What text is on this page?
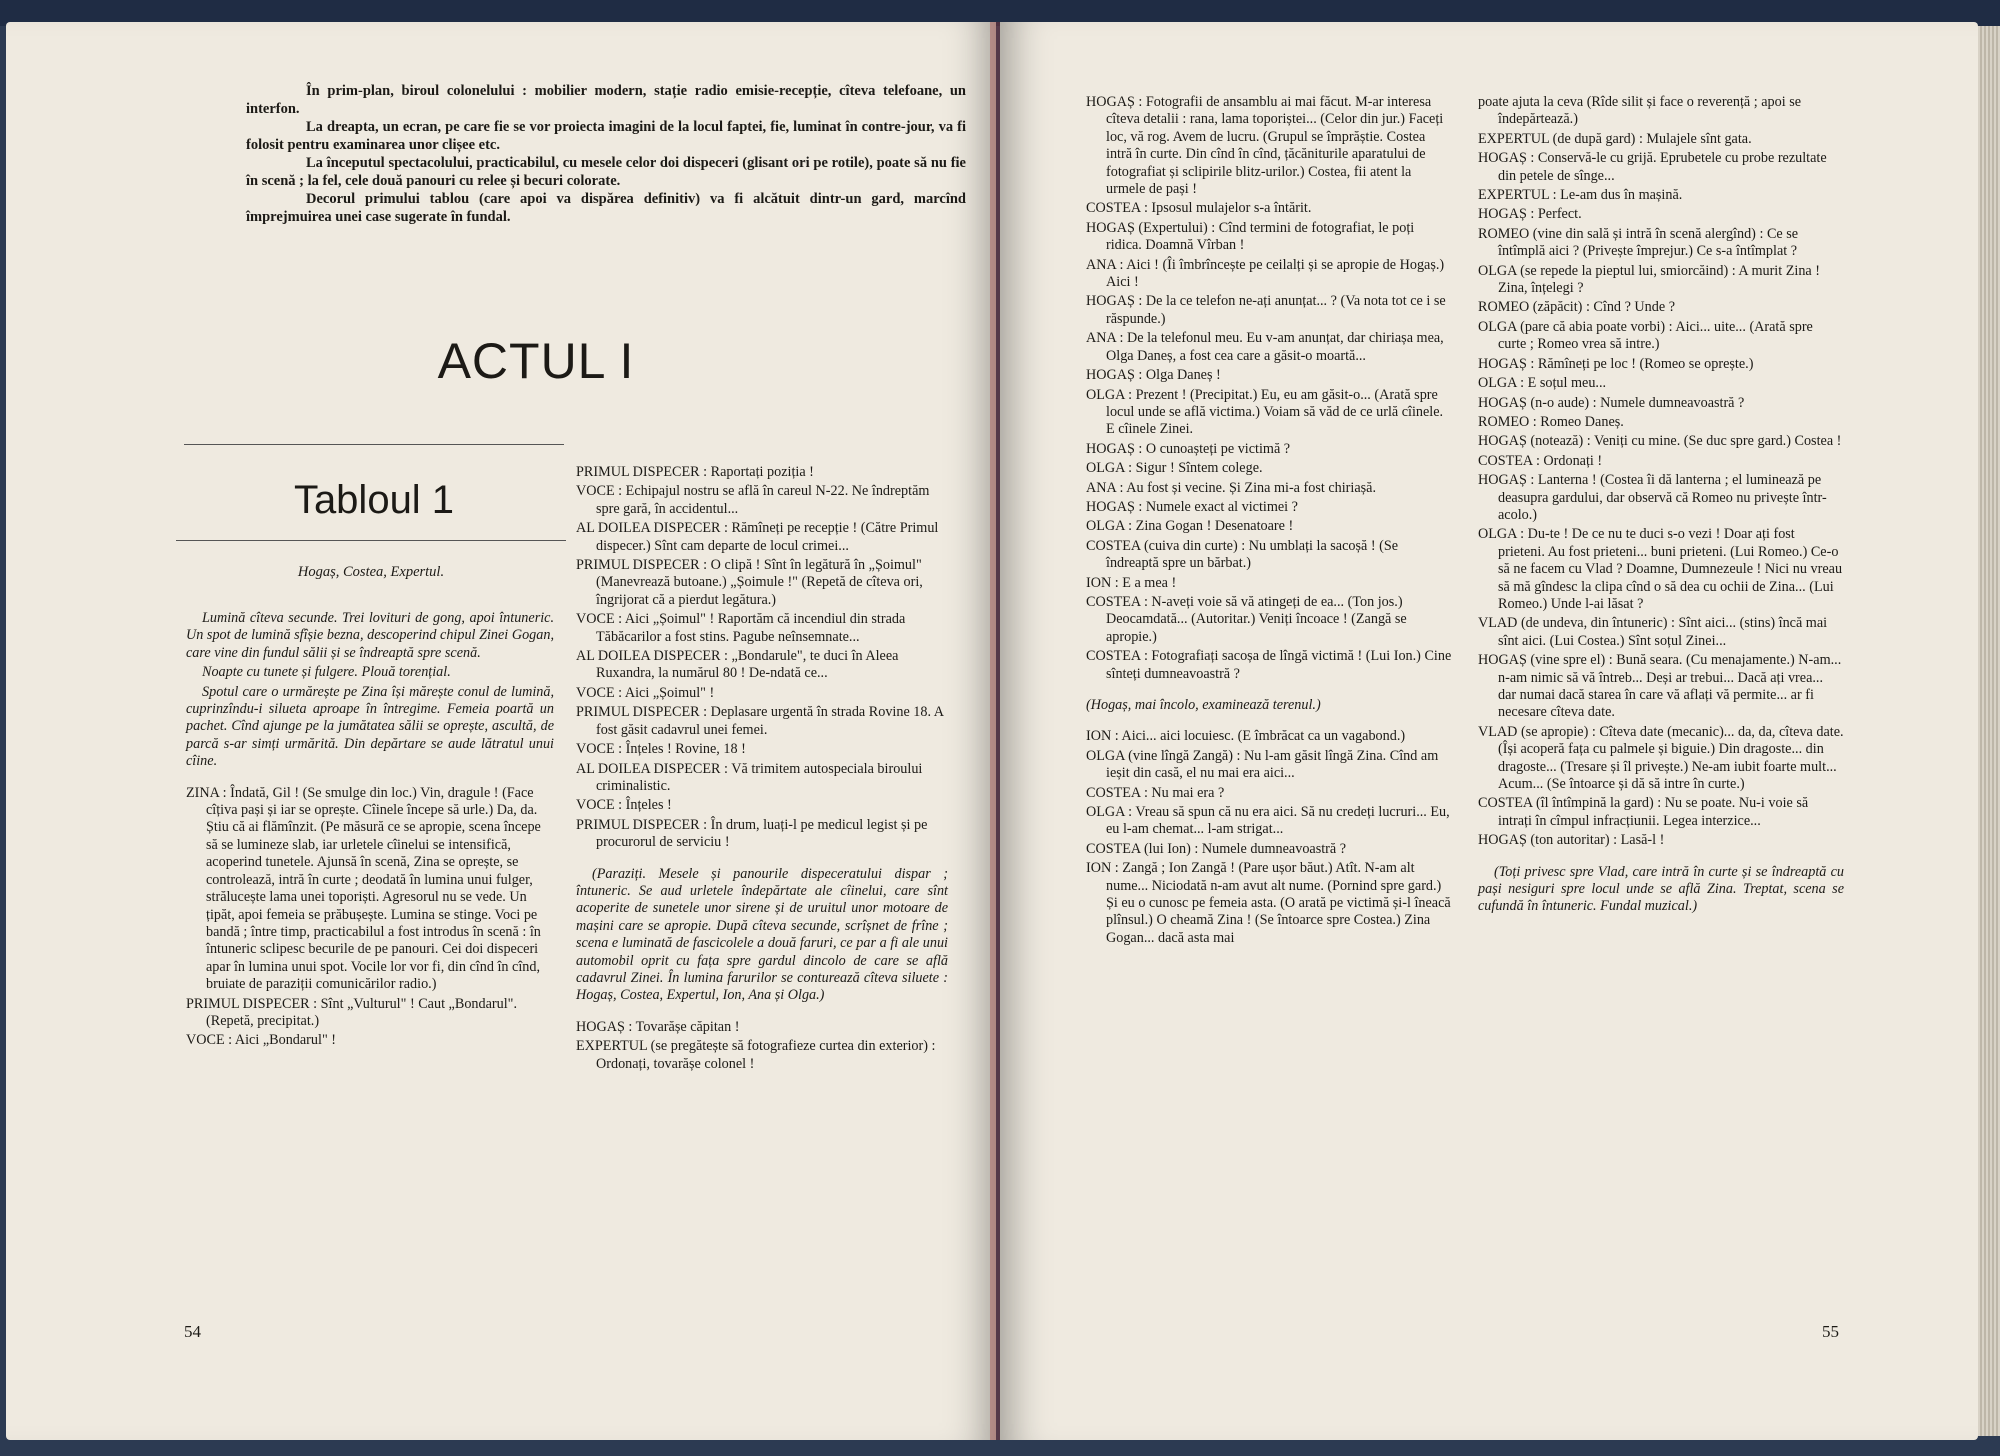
În prim-plan, biroul colonelului : mobilier modern, stație radio emisie-recepție, cîteva telefoane, un interfon.

La dreapta, un ecran, pe care fie se vor proiecta imagini de la locul faptei, fie, luminat în contre-jour, va fi folosit pentru examinarea unor clișee etc.

La începutul spectacolului, practicabilul, cu mesele celor doi dispeceri (glisant ori pe rotile), poate să nu fie în scenă ; la fel, cele două panouri cu relee și becuri colorate.

Decorul primului tablou (care apoi va dispărea definitiv) va fi alcătuit dintr-un gard, marcînd împrejmuirea unei case sugerate în fundal.

ACTUL I
Tabloul 1
Hogaș, Costea, Expertul.

Lumină cîteva secunde. Trei lovituri de gong, apoi întuneric. Un spot de lumină sfîșie bezna, descoperind chipul Zinei Gogan, care vine din fundul sălii și se îndreaptă spre scenă.

Noapte cu tunete și fulgere. Plouă torențial.

Spotul care o urmărește pe Zina își mărește conul de lumină, cuprinzîndu-i silueta aproape în întregime. Femeia poartă un pachet. Cînd ajunge pe la jumătatea sălii se oprește, ascultă, de parcă s-ar simți urmărită. Din depărtare se aude lătratul unui cîine.

ZINA : Îndată, Gil ! (Se smulge din loc.) Vin, dragule ! (Face cîțiva pași și iar se oprește. Cîinele începe să urle.) Da, da. Știu că ai flămînzit. (Pe măsură ce se apropie, scena începe să se lumineze slab, iar urletele cîinelui se intensifică, acoperind tunetele. Ajunsă în scenă, Zina se oprește, se controlează, intră în curte ; deodată în lumina unui fulger, strălucește lama unei toporiști. Agresorul nu se vede. Un țipăt, apoi femeia se prăbușește. Lumina se stinge. Voci pe bandă ; între timp, practicabilul a fost introdus în scenă : în întuneric sclipesc becurile de pe panouri. Cei doi dispeceri apar în lumina unui spot. Vocile lor vor fi, din cînd în cînd, bruiate de paraziții comunicărilor radio.)

PRIMUL DISPECER : Sînt „Vulturul" ! Caut „Bondarul". (Repetă, precipitat.)

VOCE : Aici „Bondarul" !

PRIMUL DISPECER : Raportați poziția !

VOCE : Echipajul nostru se află în careul N-22. Ne îndreptăm spre gară, în accidentul...

AL DOILEA DISPECER : Rămîneți pe recepție ! (Către Primul dispecer.) Sînt cam departe de locul crimei...

PRIMUL DISPECER : O clipă ! Sînt în legătură în „Șoimul" (Manevrează butoane.) „Șoimule !" (Repetă de cîteva ori, îngrijorat că a pierdut legătura.)

VOCE : Aici „Șoimul" ! Raportăm că incendiul din strada Tăbăcarilor a fost stins. Pagube neînsemnate...

AL DOILEA DISPECER : „Bondarule", te duci în Aleea Ruxandra, la numărul 80 ! De-ndată ce...

VOCE : Aici „Șoimul" !

PRIMUL DISPECER : Deplasare urgentă în strada Rovine 18. A fost găsit cadavrul unei femei.

VOCE : Înțeles ! Rovine, 18 !

AL DOILEA DISPECER : Vă trimitem autospeciala biroului criminalistic.

VOCE : Înțeles !

PRIMUL DISPECER : În drum, luați-l pe medicul legist și pe procurorul de serviciu !

(Paraziți. Mesele și panourile dispeceratului dispar ; întuneric. Se aud urletele îndepărtate ale cîinelui, care sînt acoperite de sunetele unor sirene și de uruitul unor motoare de mașini care se apropie. După cîteva secunde, scrîșnet de frîne ; scena e luminată de fascicolele a două faruri, ce par a fi ale unui automobil oprit cu fața spre gardul dincolo de care se află cadavrul Zinei. În lumina farurilor se conturează cîteva siluete : Hogaș, Costea, Expertul, Ion, Ana și Olga.)

HOGAȘ : Tovarășe căpitan !

EXPERTUL (se pregătește să fotografieze curtea din exterior) : Ordonați, tovarășe colonel !

54

HOGAȘ : Fotografii de ansamblu ai mai făcut. M-ar interesa cîteva detalii : rana, lama toporiștei... (Celor din jur.) Faceți loc, vă rog. Avem de lucru. (Grupul se împrăștie. Costea intră în curte. Din cînd în cînd, țăcăniturile aparatului de fotografiat și sclipirile blitz-urilor.) Costea, fii atent la urmele de pași !

COSTEA : Ipsosul mulajelor s-a întărit.

HOGAȘ (Expertului) : Cînd termini de fotografiat, le poți ridica. Doamnă Vîrban !

ANA : Aici ! (Îi îmbrîncește pe ceilalți și se apropie de Hogaș.) Aici !

HOGAȘ : De la ce telefon ne-ați anunțat... ? (Va nota tot ce i se răspunde.)

ANA : De la telefonul meu. Eu v-am anunțat, dar chiriașa mea, Olga Daneș, a fost cea care a găsit-o moartă...

HOGAȘ : Olga Daneș !

OLGA : Prezent ! (Precipitat.) Eu, eu am găsit-o... (Arată spre locul unde se află victima.) Voiam să văd de ce urlă cîinele. E cîinele Zinei.

HOGAȘ : O cunoașteți pe victimă ?

OLGA : Sigur ! Sîntem colege.

ANA : Au fost și vecine. Și Zina mi-a fost chiriașă.

HOGAȘ : Numele exact al victimei ?

OLGA : Zina Gogan ! Desenatoare !

COSTEA (cuiva din curte) : Nu umblați la sacoșă ! (Se îndreaptă spre un bărbat.)

ION : E a mea !

COSTEA : N-aveți voie să vă atingeți de ea... (Ton jos.) Deocamdată... (Autoritar.) Veniți încoace ! (Zangă se apropie.)

COSTEA : Fotografiați sacoșa de lîngă victimă ! (Lui Ion.) Cine sînteți dumneavoastră ?

(Hogaș, mai încolo, examinează terenul.)

ION : Aici... aici locuiesc. (E îmbrăcat ca un vagabond.)

OLGA (vine lîngă Zangă) : Nu l-am găsit lîngă Zina. Cînd am ieșit din casă, el nu mai era aici...

COSTEA : Nu mai era ?

OLGA : Vreau să spun că nu era aici. Să nu credeți lucruri... Eu, eu l-am chemat... l-am strigat...

COSTEA (lui Ion) : Numele dumneavoastră ?

ION : Zangă ; Ion Zangă ! (Pare ușor băut.) Atît. N-am alt nume... Niciodată n-am avut alt nume. (Pornind spre gard.) Și eu o cunosc pe femeia asta. (O arată pe victimă și-l îneacă plînsul.) O cheamă Zina ! (Se întoarce spre Costea.) Zina Gogan... dacă asta mai

poate ajuta la ceva (Rîde silit și face o reverență ; apoi se îndepărtează.)

EXPERTUL (de după gard) : Mulajele sînt gata.

HOGAȘ : Conservă-le cu grijă. Eprubetele cu probe rezultate din petele de sînge...

EXPERTUL : Le-am dus în mașină.

HOGAȘ : Perfect.

ROMEO (vine din sală și intră în scenă alergînd) : Ce se întîmplă aici ? (Privește împrejur.) Ce s-a întîmplat ?

OLGA (se repede la pieptul lui, smiorcăind) : A murit Zina ! Zina, înțelegi ?

ROMEO (zăpăcit) : Cînd ? Unde ?

OLGA (pare că abia poate vorbi) : Aici... uite... (Arată spre curte ; Romeo vrea să intre.)

HOGAȘ : Rămîneți pe loc ! (Romeo se oprește.)

OLGA : E soțul meu...

HOGAȘ (n-o aude) : Numele dumneavoastră ?

ROMEO : Romeo Daneș.

HOGAȘ (notează) : Veniți cu mine. (Se duc spre gard.) Costea !

COSTEA : Ordonați !

HOGAȘ : Lanterna ! (Costea îi dă lanterna ; el luminează pe deasupra gardului, dar observă că Romeo nu privește într-acolo.)

OLGA : Du-te ! De ce nu te duci s-o vezi ! Doar ați fost prieteni. Au fost prieteni... buni prieteni. (Lui Romeo.) Ce-o să ne facem cu Vlad ? Doamne, Dumnezeule ! Nici nu vreau să mă gîndesc la clipa cînd o să dea cu ochii de Zina... (Lui Romeo.) Unde l-ai lăsat ?

VLAD (de undeva, din întuneric) : Sînt aici... (stins) încă mai sînt aici. (Lui Costea.) Sînt soțul Zinei...

HOGAȘ (vine spre el) : Bună seara. (Cu menajamente.) N-am... n-am nimic să vă întreb... Deși ar trebui... Dacă ați vrea... dar numai dacă starea în care vă aflați vă permite... ar fi necesare cîteva date.

VLAD (se apropie) : Cîteva date (mecanic)... da, da, cîteva date. (Își acoperă fața cu palmele și biguie.) Din dragoste... din dragoste... (Tresare și îl privește.) Ne-am iubit foarte mult... Acum... (Se întoarce și dă să intre în curte.)

COSTEA (îl întîmpină la gard) : Nu se poate. Nu-i voie să intrați în cîmpul infracțiunii. Legea interzice...

HOGAȘ (ton autoritar) : Lasă-l !

(Toți privesc spre Vlad, care intră în curte și se îndreaptă cu pași nesiguri spre locul unde se află Zina. Treptat, scena se cufundă în întuneric. Fundal muzical.)

55
